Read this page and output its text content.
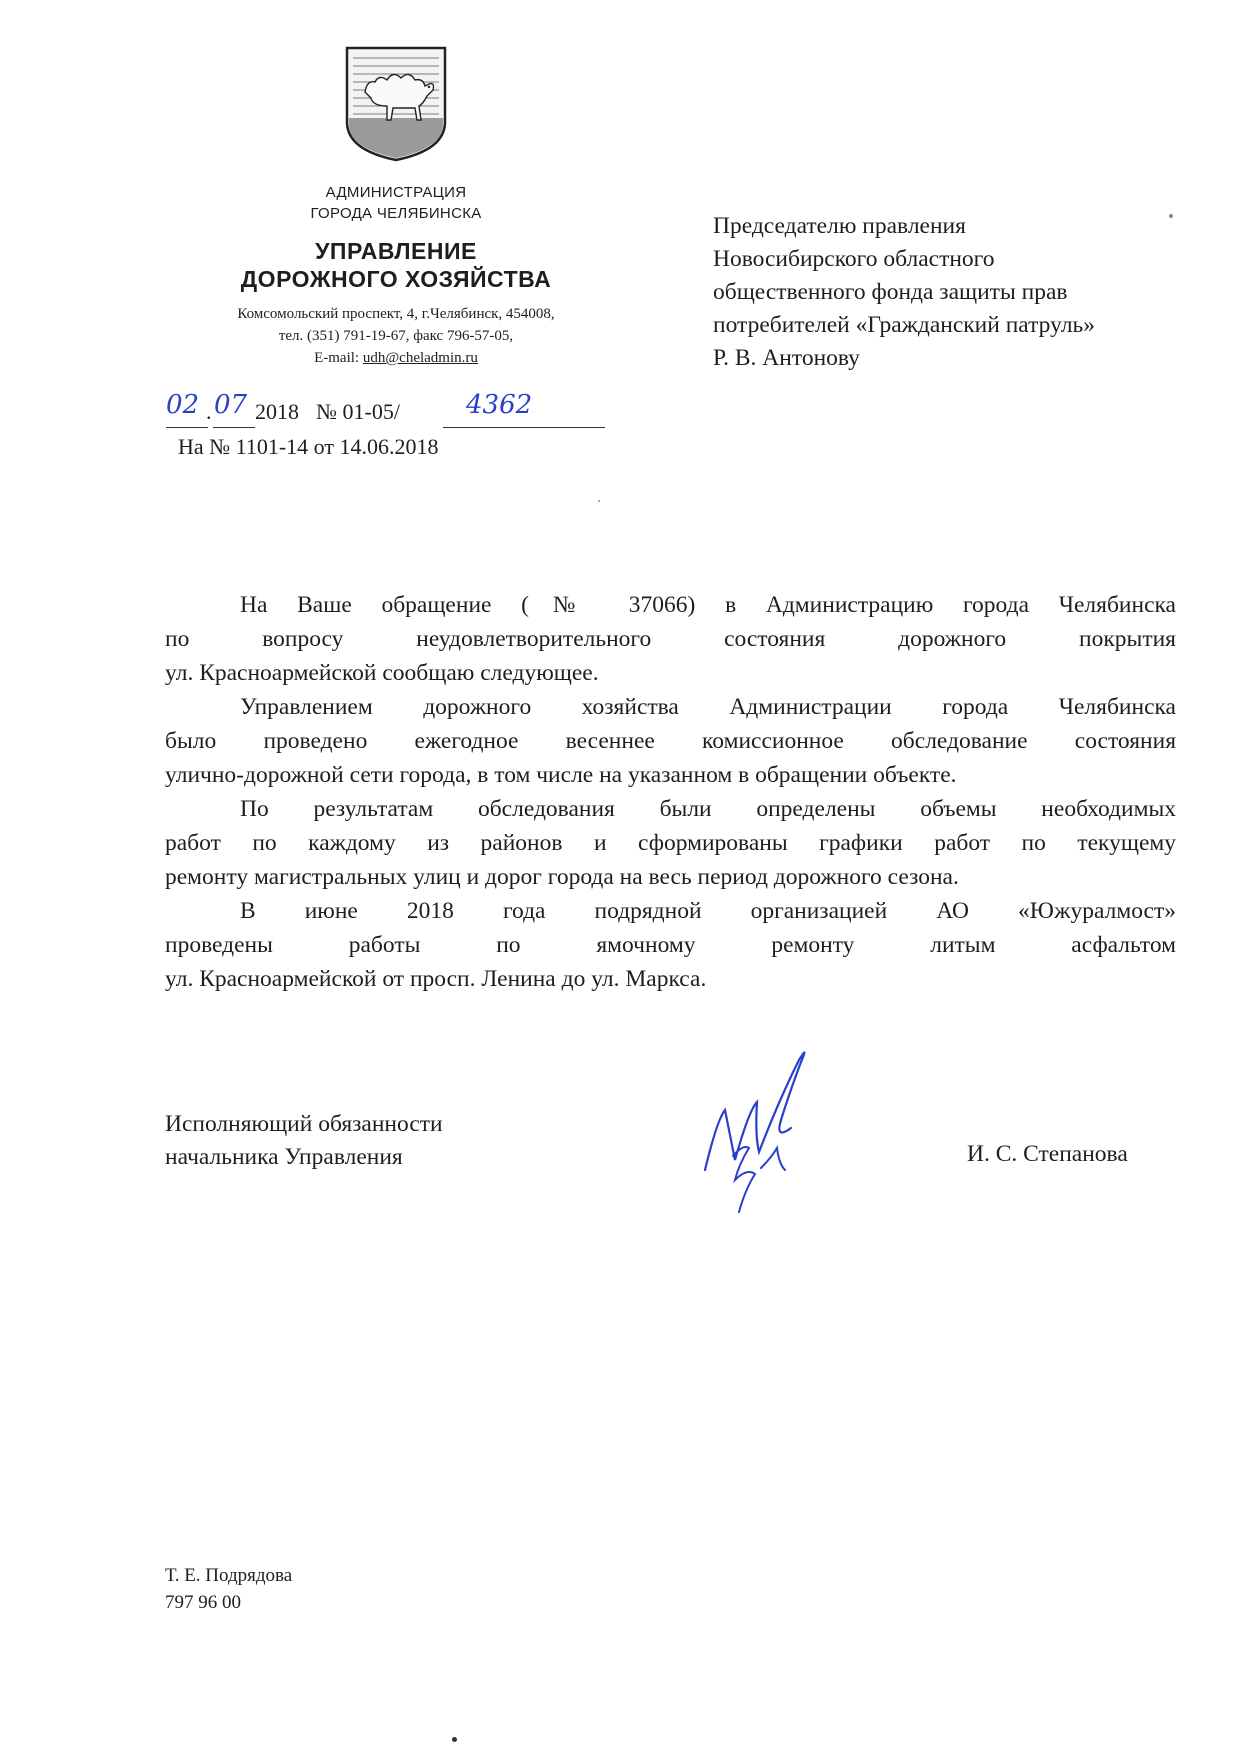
АДМИНИСТРАЦИЯ
ГОРОДА ЧЕЛЯБИНСКА
УПРАВЛЕНИЕ
ДОРОЖНОГО ХОЗЯЙСТВА
Комсомольский проспект, 4, г.Челябинск, 454008,
тел. (351) 791-19-67, факс 796-57-05,
E-mail: udh@cheladmin.ru
02 . 07 2018 № 01-05/	4362
На № 1101-14 от 14.06.2018
Председателю правления
Новосибирского областного
общественного фонда защиты прав
потребителей «Гражданский патруль»
Р. В. Антонову

На Ваше обращение (№ 37066) в Администрацию города Челябинска

по вопросу неудовлетворительного состояния дорожного покрытия

ул. Красноармейской сообщаю следующее.

Управлением дорожного хозяйства Администрации города Челябинска

было проведено ежегодное весеннее комиссионное обследование состояния

улично-дорожной сети города, в том числе на указанном в обращении объекте.

По результатам обследования были определены объемы необходимых

работ по каждому из районов и сформированы графики работ по текущему

ремонту магистральных улиц и дорог города на весь период дорожного сезона.

В июне 2018 года подрядной организацией АО «Южуралмост»

проведены работы по ямочному ремонту литым асфальтом

ул. Красноармейской от просп. Ленина до ул. Маркса.

Исполняющий обязанности
начальника Управления	И. С. Степанова
Т. Е. Подрядова
797 96 00
